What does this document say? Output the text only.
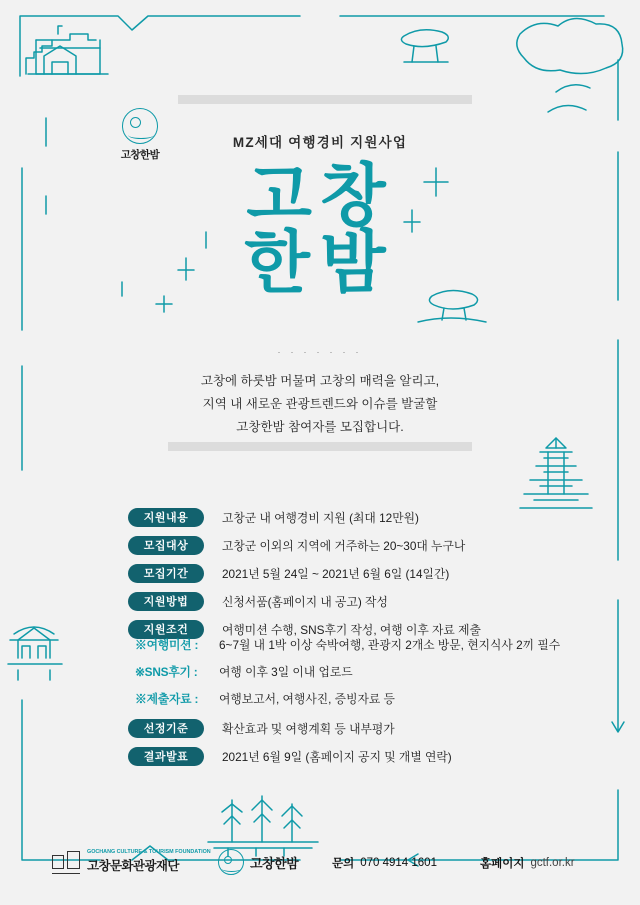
고창한밤
MZ세대 여행경비 지원사업
고창
한밤
. . . . . . .
고창에 하룻밤 머물며 고창의 매력을 알리고,
지역 내 새로운 관광트렌드와 이슈를 발굴할
고창한밤 참여자를 모집합니다.
지원내용	고창군 내 여행경비 지원 (최대 12만원)
모집대상	고창군 이외의 지역에 거주하는 20~30대 누구나
모집기간	2021년 5월 24일 ~ 2021년 6월 6일 (14일간)
지원방법	신청서품(홈페이지 내 공고) 작성
지원조건	여행미션 수행, SNS후기 작성, 여행 이후 자료 제출
※여행미션 :	6~7월 내 1박 이상 숙박여행, 관광지 2개소 방문, 현지식사 2끼 필수
※SNS후기 :	여행 이후 3일 이내 업로드
※제출자료 :	여행보고서, 여행사진, 증빙자료 등
선정기준	확산효과 및 여행계획 등 내부평가
결과발표	2021년 6월 9일 (홈페이지 공지 및 개별 연락)
GOCHANG CULTURE & TOURISM FOUNDATION
고창문화관광재단	고창한밤	문의 070 4914 1601	홈페이지 gctf.or.kr
